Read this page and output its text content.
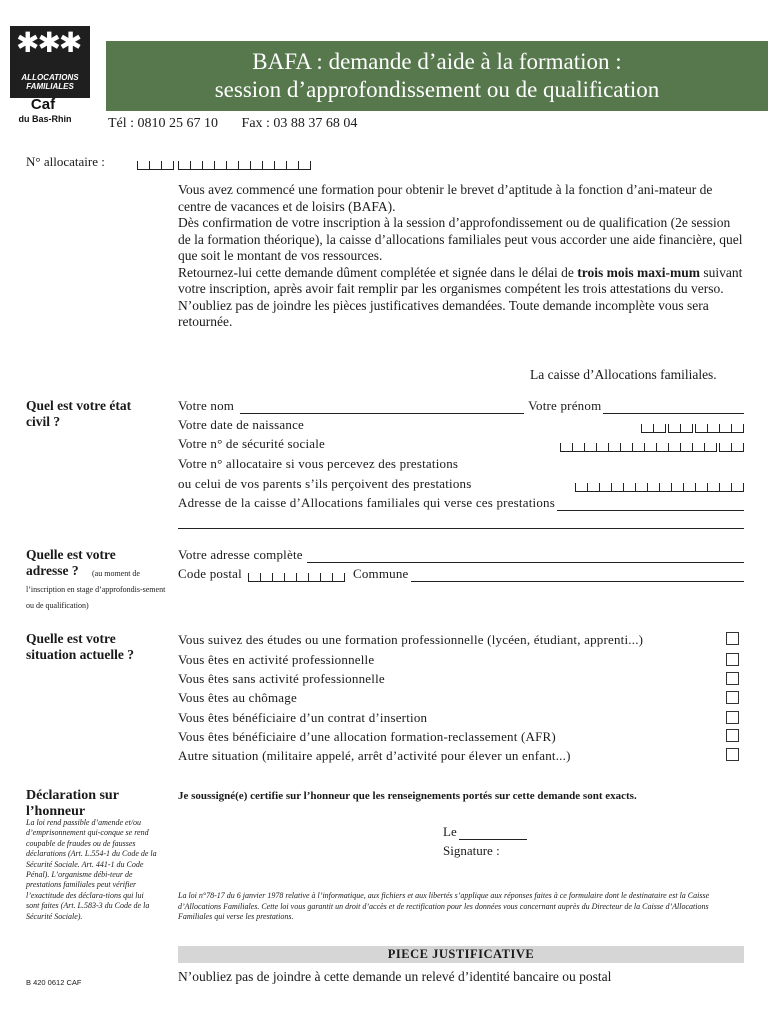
✱✱✱
ALLOCATIONS
FAMILIALES
Caf
du Bas-Rhin
BAFA : demande d’aide à la formation :
session d’approfondissement ou de qualification
Tél : 0810 25 67 10 Fax : 03 88 37 68 04
N° allocataire :

Vous avez commencé une formation pour obtenir le brevet d’aptitude à la fonction d’ani-mateur de centre de vacances et de loisirs (BAFA).

Dès confirmation de votre inscription à la session d’approfondissement ou de qualification (2e session de la formation théorique), la caisse d’allocations familiales peut vous accorder une aide financière, quel que soit le montant de vos ressources.

Retournez-lui cette demande dûment complétée et signée dans le délai de trois mois maxi-mum suivant votre inscription, après avoir fait remplir par les organismes compétent les trois attestations du verso.

N’oubliez pas de joindre les pièces justificatives demandées. Toute demande incomplète vous sera retournée.

La caisse d’Allocations familiales.
Quel est votre état
civil ?
Votre nom	Votre prénom
Votre date de naissance
Votre n° de sécurité sociale
Votre n° allocataire si vous percevez des prestations
ou celui de vos parents s’ils perçoivent des prestations
Adresse de la caisse d’Allocations familiales qui verse ces prestations
Quelle est votre
adresse ?	(au moment de l’inscription en stage d’approfondis-sement ou de qualification)
Votre adresse complète
Code postal	Commune
Quelle est votre
situation actuelle ?
Vous suivez des études ou une formation professionnelle (lycéen, étudiant, apprenti...)
Vous êtes en activité professionnelle
Vous êtes sans activité professionnelle
Vous êtes au chômage
Vous êtes bénéficiaire d’un contrat d’insertion
Vous êtes bénéficiaire d’une allocation formation-reclassement (AFR)
Autre situation (militaire appelé, arrêt d’activité pour élever un enfant...)
Déclaration sur
l’honneur
Je soussigné(e) certifie sur l’honneur que les renseignements portés sur cette demande sont exacts.
La loi rend passible d’amende et/ou d’emprisonnement qui-conque se rend coupable de fraudes ou de fausses déclarations (Art. L.554-1 du Code de la Sécurité Sociale. Art. 441-1 du Code Pénal). L’organisme débi-teur de prestations familiales peut vérifier l’exactitude des déclara-tions qui lui sont faites (Art. L.583-3 du Code de la Sécurité Sociale).
Le
Signature :
La loi n°78-17 du 6 janvier 1978 relative à l’informatique, aux fichiers et aux libertés s’applique aux réponses faites à ce formulaire dont le destinataire est la Caisse d’Allocations Familiales. Cette loi vous garantit un droit d’accès et de rectification pour les données vous concernant auprès du Directeur de la Caisse d’Allocations Familiales qui verse les prestations.
PIECE JUSTIFICATIVE
N’oubliez pas de joindre à cette demande un relevé d’identité bancaire ou postal
B 420 0612 CAF
